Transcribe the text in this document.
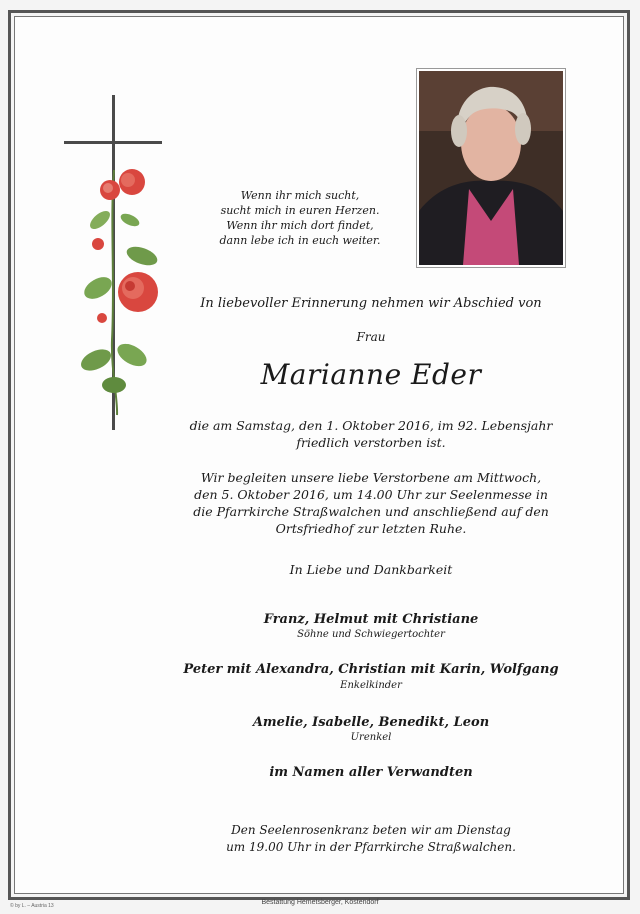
Wenn ihr mich sucht,
sucht mich in euren Herzen.
Wenn ihr mich dort findet,
dann lebe ich in euch weiter.
In liebevoller Erinnerung nehmen wir Abschied von
Frau
Marianne Eder
die am Samstag, den 1. Oktober 2016, im 92. Lebensjahr
friedlich verstorben ist.
Wir begleiten unsere liebe Verstorbene am Mittwoch,
den 5. Oktober 2016, um 14.00 Uhr zur Seelenmesse in
die Pfarrkirche Straßwalchen und anschließend auf den
Ortsfriedhof zur letzten Ruhe.
In Liebe und Dankbarkeit
Franz, Helmut mit Christiane
Söhne und Schwiegertochter
Peter mit Alexandra, Christian mit Karin, Wolfgang
Enkelkinder
Amelie, Isabelle, Benedikt, Leon
Urenkel
im Namen aller Verwandten
Den Seelenrosenkranz beten wir am Dienstag
um 19.00 Uhr in der Pfarrkirche Straßwalchen.
© by L. – Austria 13	Bestattung Hemetsberger, Köstendorf
